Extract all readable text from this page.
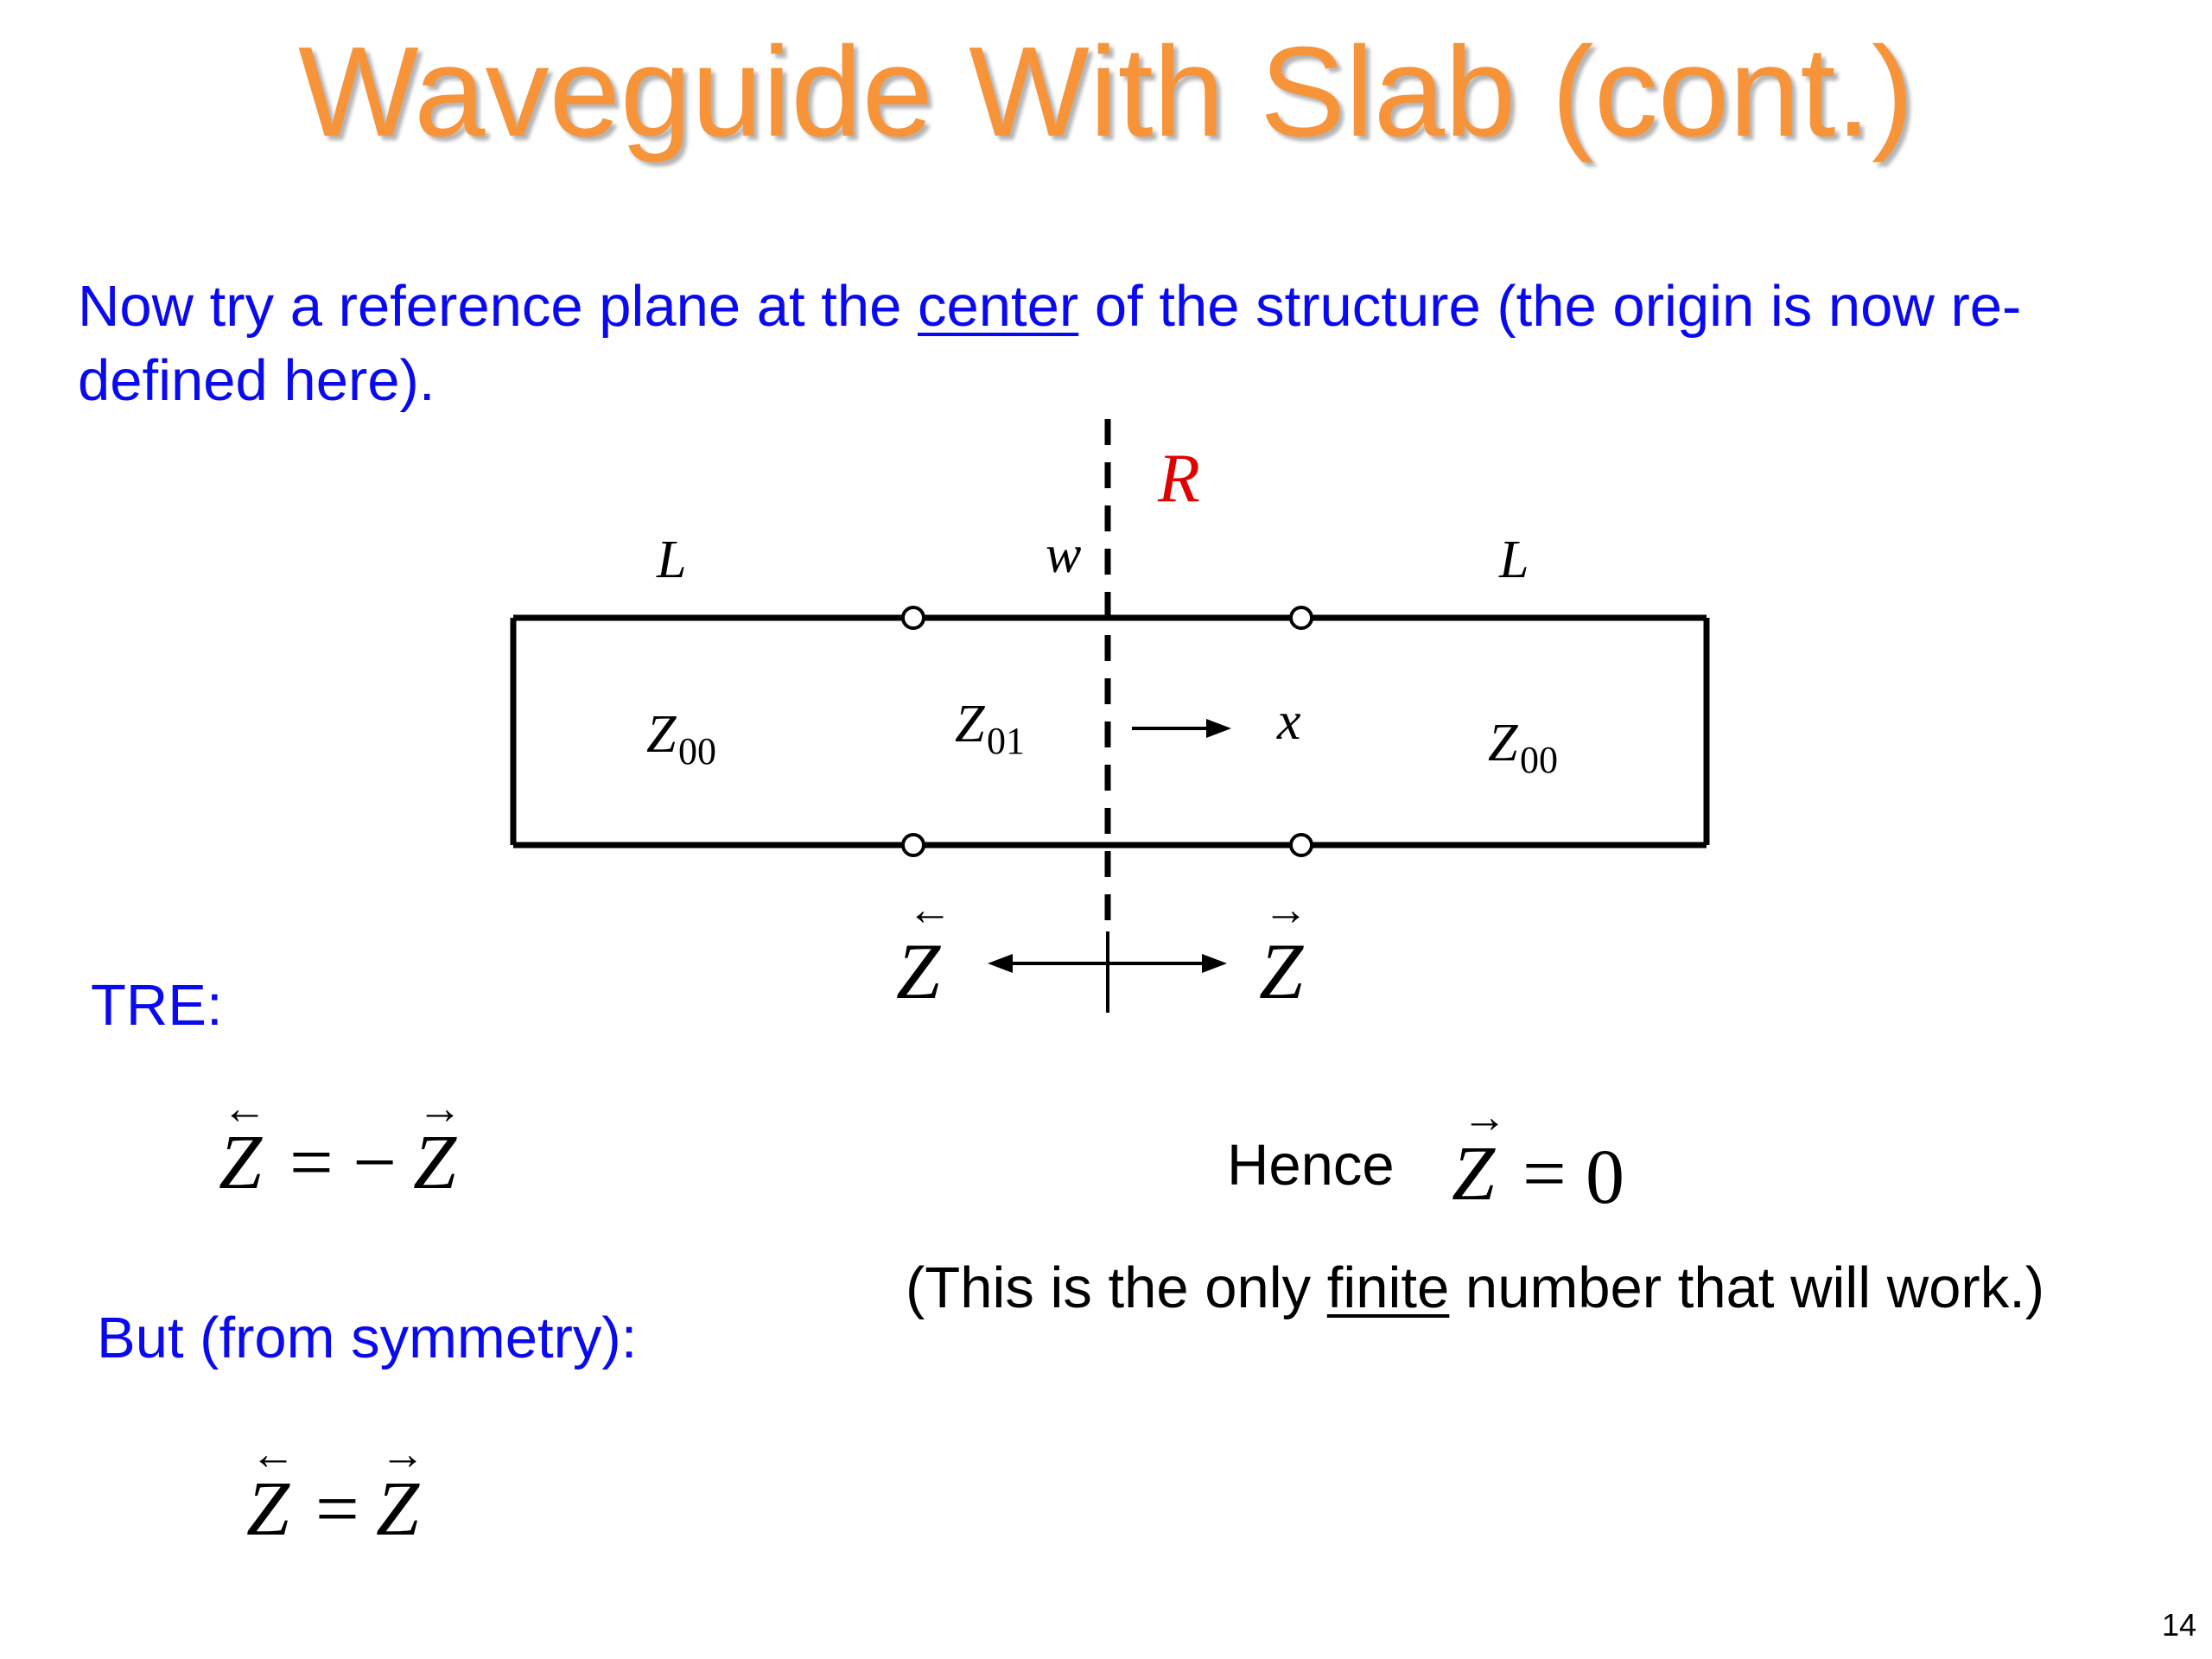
Waveguide With Slab (cont.)
Now try a reference plane at the center of the structure (the origin is now re-defined here).
R
L	w	L
Z 00	Z 01	Z 00
x
←
Z
→
Z
←
Z = −
→
Z
←
Z =
→
Z
→
Z = 0
TRE:
But (from symmetry):
Hence
(This is the only finite number that will work.)
14
